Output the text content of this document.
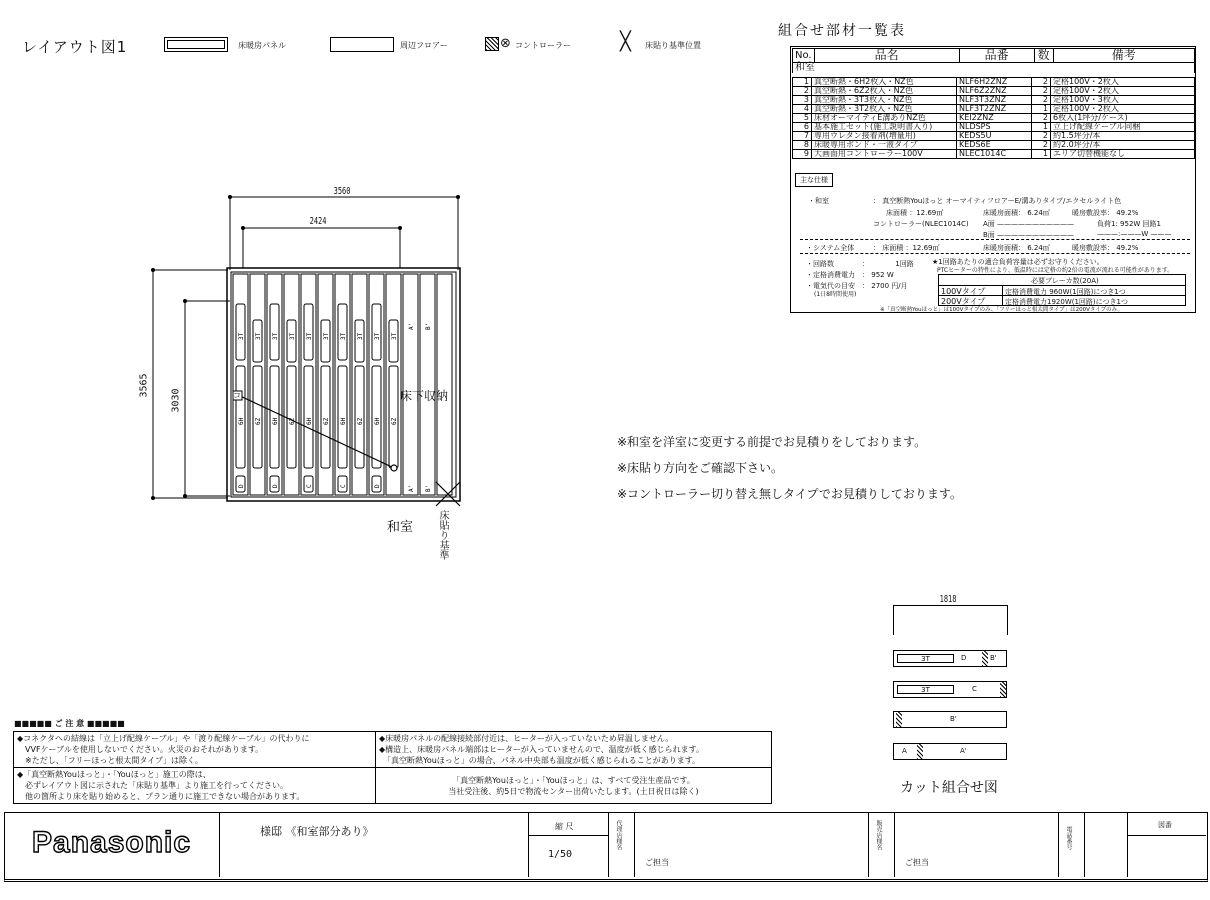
レイアウト図1	床暖房パネル	周辺フロアー	⊗ コントローラー	╳ 床貼り基準位置
組合せ部材一覧表
No.	品名	品番	数	備考
和室
1	真空断熱・6H2枚入・NZ色	NLF6H2ZNZ	2	定格100V・2枚入
2	真空断熱・6Z2枚入・NZ色	NLF6Z2ZNZ	2	定格100V・2枚入
3	真空断熱・3T3枚入・NZ色	NLF3T3ZNZ	2	定格100V・3枚入
4	真空断熱・3T2枚入・NZ色	NLF3T2ZNZ	1	定格100V・2枚入
5	床材オーマイティE溝ありNZ色	KEI2ZNZ	2	6枚入(1坪分/ケース)
6	基本施工セット(施工説明書入り)	NLDSPS	1	立上げ配線ケーブル同梱
7	専用ウレタン接着剤(増量用)	KEDS5U	2	約1.5坪分/本
8	床暖専用ボンド・一液タイプ	KEDS6E	2	約2.0坪分/本
9	大画面用コントローラー100V	NLEC1014C	1	エリア切替機能なし
主な仕様
・和室	： 真空断熱Youほっと オーマイティフロアーE/溝ありタイプ/エクセルライト色
床面積 ：12.69㎡	床暖房面積： 6.24㎡	暖房敷設率： 49.2%
コントローラー(NLEC1014C) A面 ———————————	負荷1: 952W 回路1
B面 ———————————	———:———W ———
・システム全体	： 床面積 ：12.69㎡	床暖房面積： 6.24㎡	暖房敷設率： 49.2%
・回路数	：	1回路
・定格消費電力 ： 952 W
・電気代の目安
(1日8時間使用)
： 2700 円/月
★1回路あたりの適合負荷容量は必ずお守りください。
PTCヒーターの特性により、低温時には定格の約2倍の電流が流れる可能性があります。
必要ブレーカ数(20A)
100Vタイプ	定格消費電力 960W(1回路)につき1つ
200Vタイプ	定格消費電力1920W(1回路)につき1つ
※「真空断熱Youほっと」は100Vタイプのみ、「フリーほっと根太間タイプ」は200Vタイプのみ。
3T 3T 3T 3T 3T 3T 3T 3T 3T 3T
6H 6Z 6H 6Z 6H 6Z 6H 6Z 6H 6Z
A' B'
D	D	C	C	D	A' B'
3560
2424
3565
3030	床下収納
和室 床貼り基準
コ
※和室を洋室に変更する前提でお見積りをしております。
※床貼り方向をご確認下さい。
※コントローラー切り替え無しタイプでお見積りしております。
1818
3T	D	B'
3T	C
B'
A	A'
カット組合せ図
■■■■■ ご 注 意 ■■■■■
◆コネクタへの結線は「立上げ配線ケーブル」や「渡り配線ケーブル」の代わりに
　VVFケーブルを使用しないでください。火災のおそれがあります。
　※ただし、「フリーほっと根太間タイプ」は除く。	◆床暖房パネルの配線接続部付近は、ヒーターが入っていないため昇温しません。
◆構造上、床暖房パネル端部はヒーターが入っていませんので、温度が低く感じられます。
　「真空断熱Youほっと」の場合、パネル中央部も温度が低く感じられることがあります。
◆「真空断熱Youほっと」・「Youほっと」施工の際は、
　必ずレイアウト図に示された「床貼り基準」より施工を行ってください。
　他の箇所より床を貼り始めると、プラン通りに施工できない場合があります。	「真空断熱Youほっと」・「Youほっと」は、すべて受注生産品です。
当社受注後、約5日で物流センター出荷いたします。(土日祝日は除く)
Panasonic	様邸 《和室部分あり》	縮 尺
1/50
代理店様名
ご担当
販売店様名
ご担当
電話番号
図番
